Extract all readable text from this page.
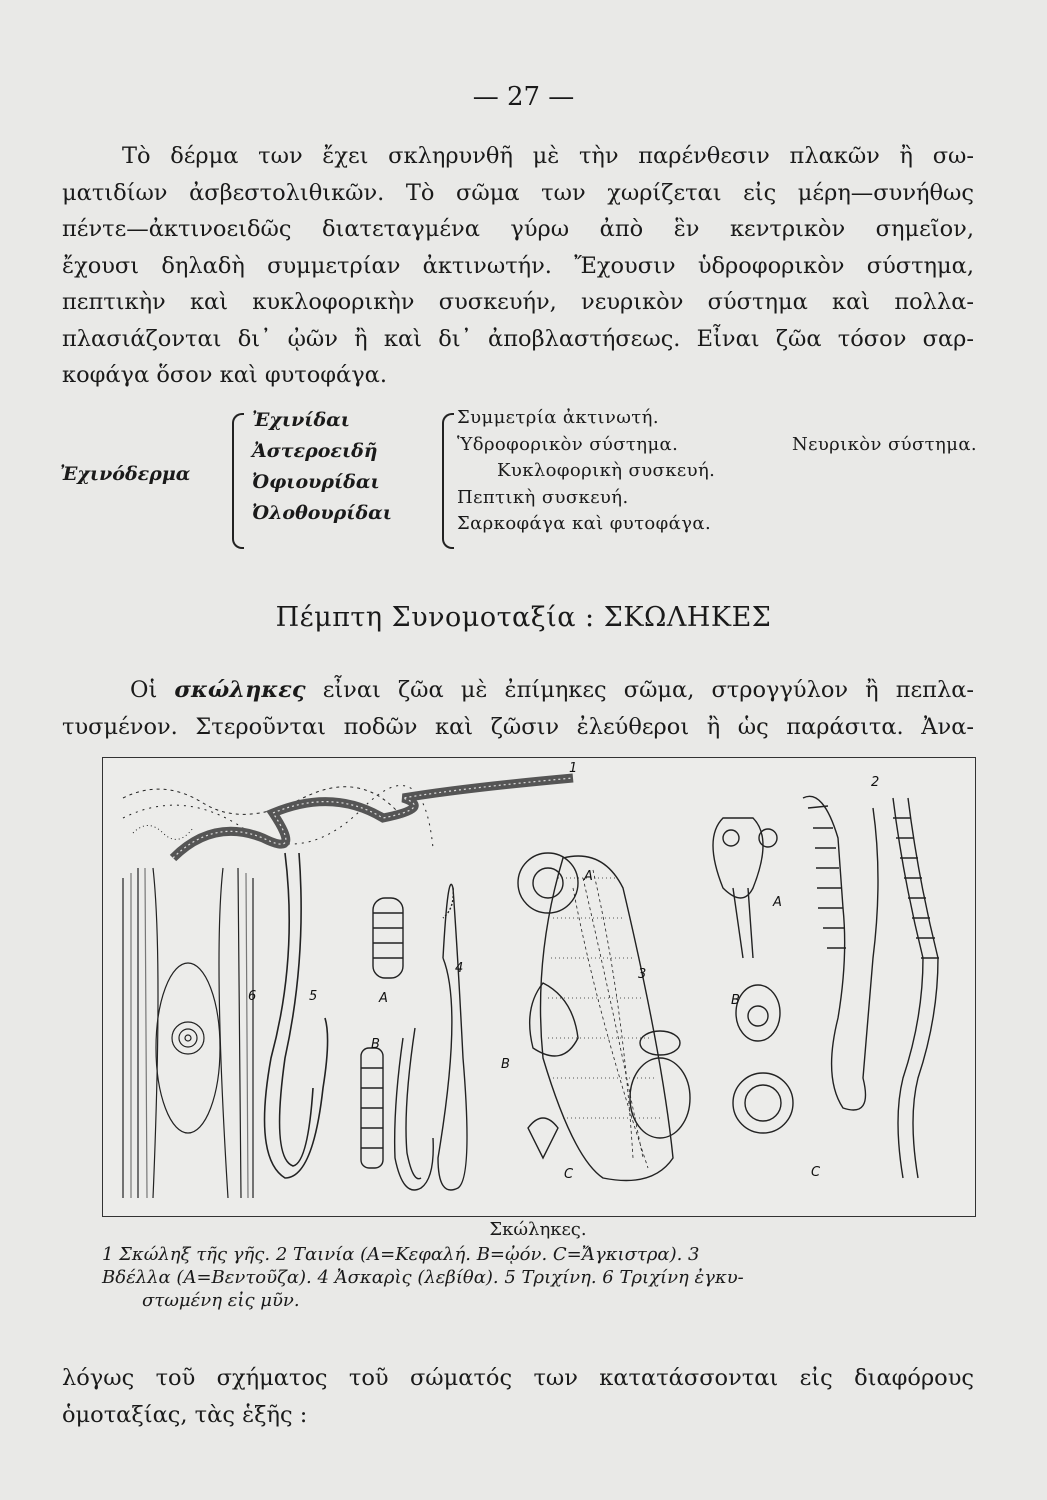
— 27 —
Τὸ δέρμα των ἔχει σκληρυνθῆ μὲ τὴν παρένθεσιν πλακῶν ἢ σω-
ματιδίων ἀσβεστολιθικῶν. Τὸ σῶμα των χωρίζεται εἰς μέρη—συνήθως
πέντε—ἀκτινοειδῶς διατεταγμένα γύρω ἀπὸ ἓν κεντρικὸν σημεῖον,
ἔχουσι δηλαδὴ συμμετρίαν ἀκτινωτήν. Ἔχουσιν ὑδροφορικὸν σύστημα,
πεπτικὴν καὶ κυκλοφορικὴν συσκευήν, νευρικὸν σύστημα καὶ πολλα-
πλασιάζονται δι᾿ ᾠῶν ἢ καὶ δι᾿ ἀποβλαστήσεως. Εἶναι ζῶα τόσον σαρ-
κοφάγα ὅσον καὶ φυτοφάγα.
Ἐχινόδερμα
Ἐχινίδαι
Ἀστεροειδῆ
Ὀφιουρίδαι
Ὀλοθουρίδαι
Συμμετρία ἀκτινωτή.
Ὑδροφορικὸν σύστημα.	Νευρικὸν σύστημα.
Κυκλοφορικὴ συσκευή.
Πεπτικὴ συσκευή.
Σαρκοφάγα καὶ φυτοφάγα.
Πέμπτη Συνομοταξία : ΣΚΩΛΗΚΕΣ
Οἱ σκώληκες εἶναι ζῶα μὲ ἐπίμηκες σῶμα, στρογγύλον ἢ πεπλα-
τυσμένον. Στεροῦνται ποδῶν καὶ ζῶσιν ἐλεύθεροι ἢ ὡς παράσιτα. Ἀνα-
1
2
3
4
5
6	A
A
A
B
B
B
C	C
Σκώληκες.
1 Σκώληξ τῆς γῆς. 2 Ταινία (A=Κεφαλή. B=ᾠόν. C=Ἄγκιστρα). 3
Βδέλλα (A=Βεντοῦζα). 4 Ἀσκαρὶς (λεβίθα). 5 Τριχίνη. 6 Τριχίνη ἐγκυ-
στωμένη εἰς μῦν.
λόγως τοῦ σχήματος τοῦ σώματός των κατατάσσονται εἰς διαφόρους
ὁμοταξίας, τὰς ἑξῆς :
